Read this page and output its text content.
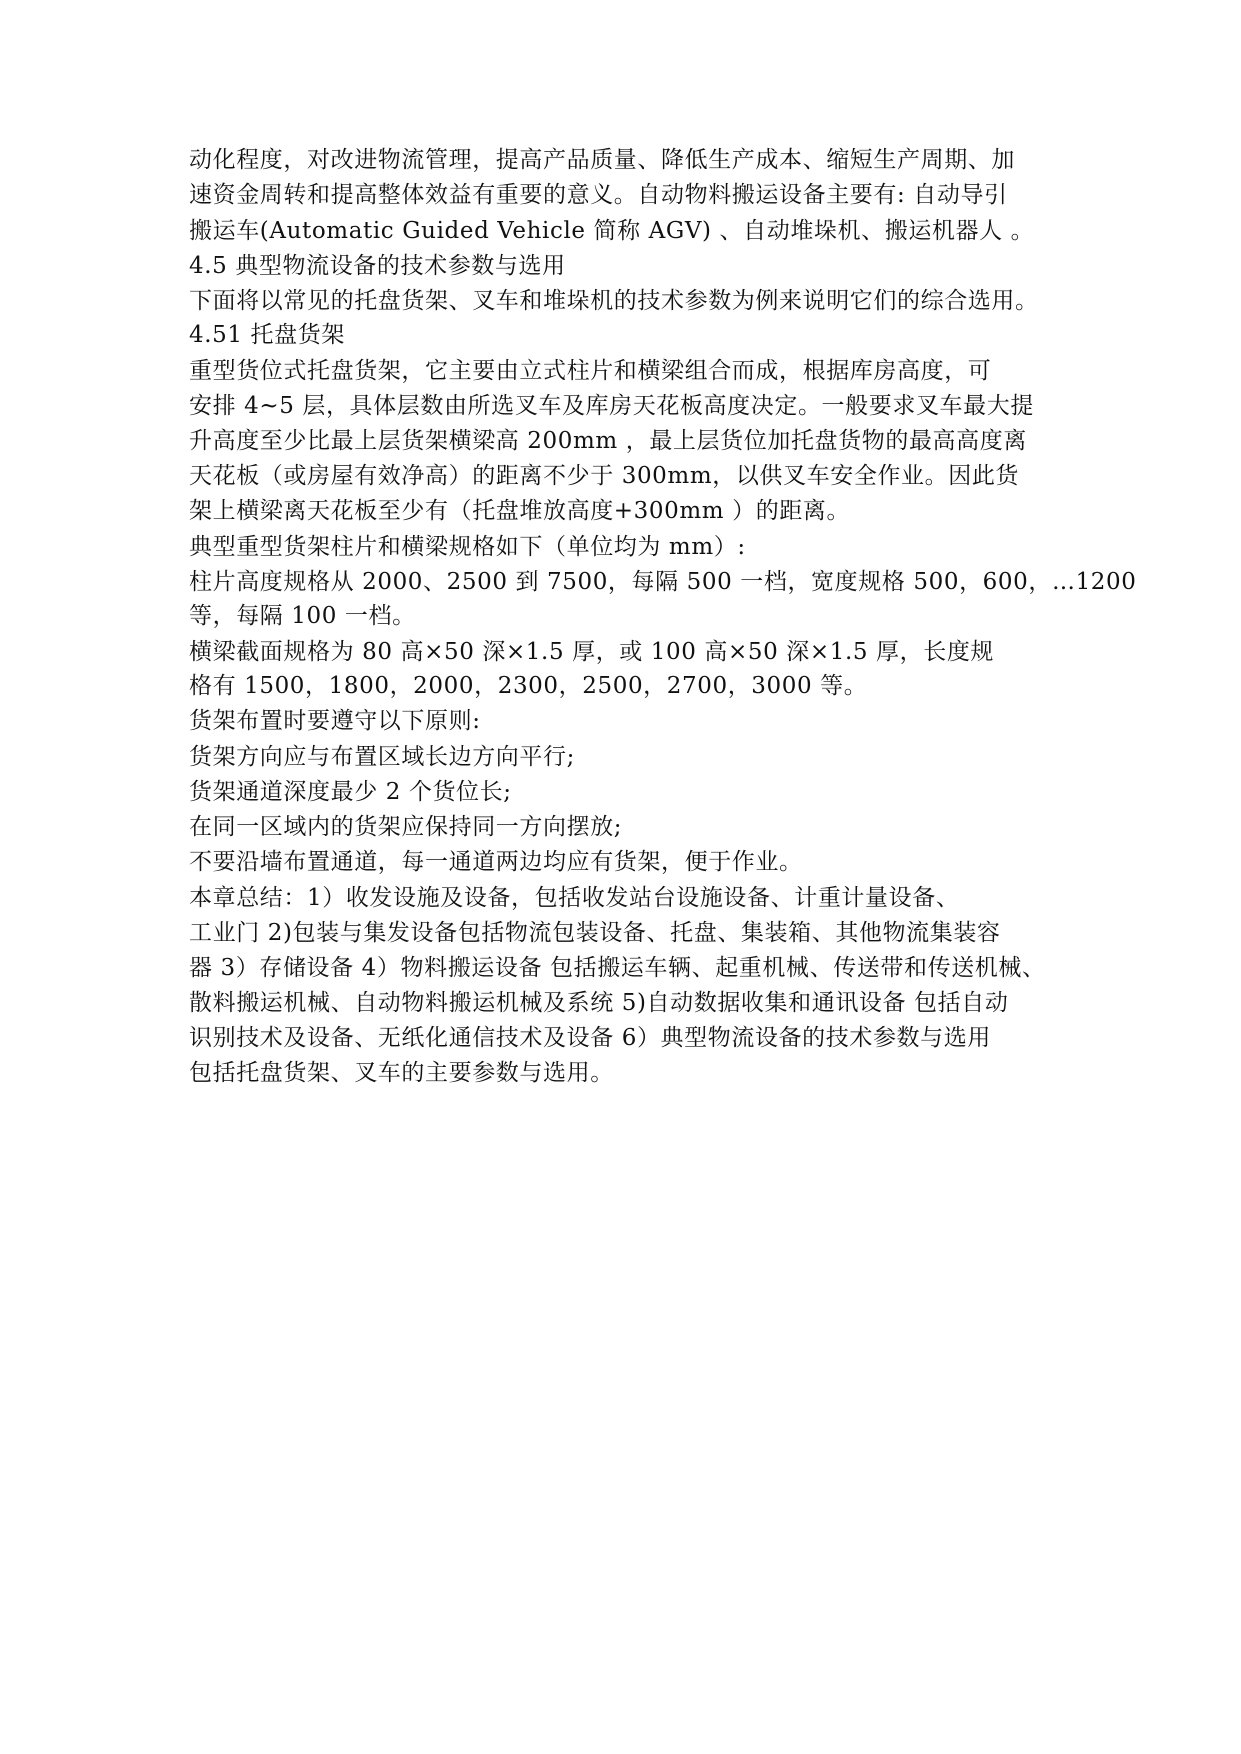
动化程度，对改进物流管理，提高产品质量、降低生产成本、缩短生产周期、加
速资金周转和提高整体效益有重要的意义。自动物料搬运设备主要有: 自动导引
搬运车(Automatic Guided Vehicle 简称 AGV) 、自动堆垛机、搬运机器人 。
4.5 典型物流设备的技术参数与选用
下面将以常见的托盘货架、叉车和堆垛机的技术参数为例来说明它们的综合选用。
4.51 托盘货架
重型货位式托盘货架，它主要由立式柱片和横梁组合而成，根据库房高度，可
安排 4~5 层，具体层数由所选叉车及库房天花板高度决定。一般要求叉车最大提
升高度至少比最上层货架横梁高 200mm ，最上层货位加托盘货物的最高高度离
天花板（或房屋有效净高）的距离不少于 300mm，以供叉车安全作业。因此货
架上横梁离天花板至少有（托盘堆放高度+300mm ）的距离。
典型重型货架柱片和横梁规格如下（单位均为 mm）:
柱片高度规格从 2000、2500 到 7500，每隔 500 一档，宽度规格 500，600，…1200
等，每隔 100 一档。
横梁截面规格为 80 高×50 深×1.5 厚，或 100 高×50 深×1.5 厚，长度规
格有 1500，1800，2000，2300，2500，2700，3000 等。
货架布置时要遵守以下原则:
货架方向应与布置区域长边方向平行;
货架通道深度最少 2 个货位长;
在同一区域内的货架应保持同一方向摆放;
不要沿墙布置通道，每一通道两边均应有货架，便于作业。
本章总结：1）收发设施及设备，包括收发站台设施设备、计重计量设备、
工业门 2)包装与集发设备包括物流包装设备、托盘、集装箱、其他物流集装容
器 3）存储设备 4）物料搬运设备 包括搬运车辆、起重机械、传送带和传送机械、
散料搬运机械、自动物料搬运机械及系统 5)自动数据收集和通讯设备 包括自动
识别技术及设备、无纸化通信技术及设备 6）典型物流设备的技术参数与选用
包括托盘货架、叉车的主要参数与选用。
